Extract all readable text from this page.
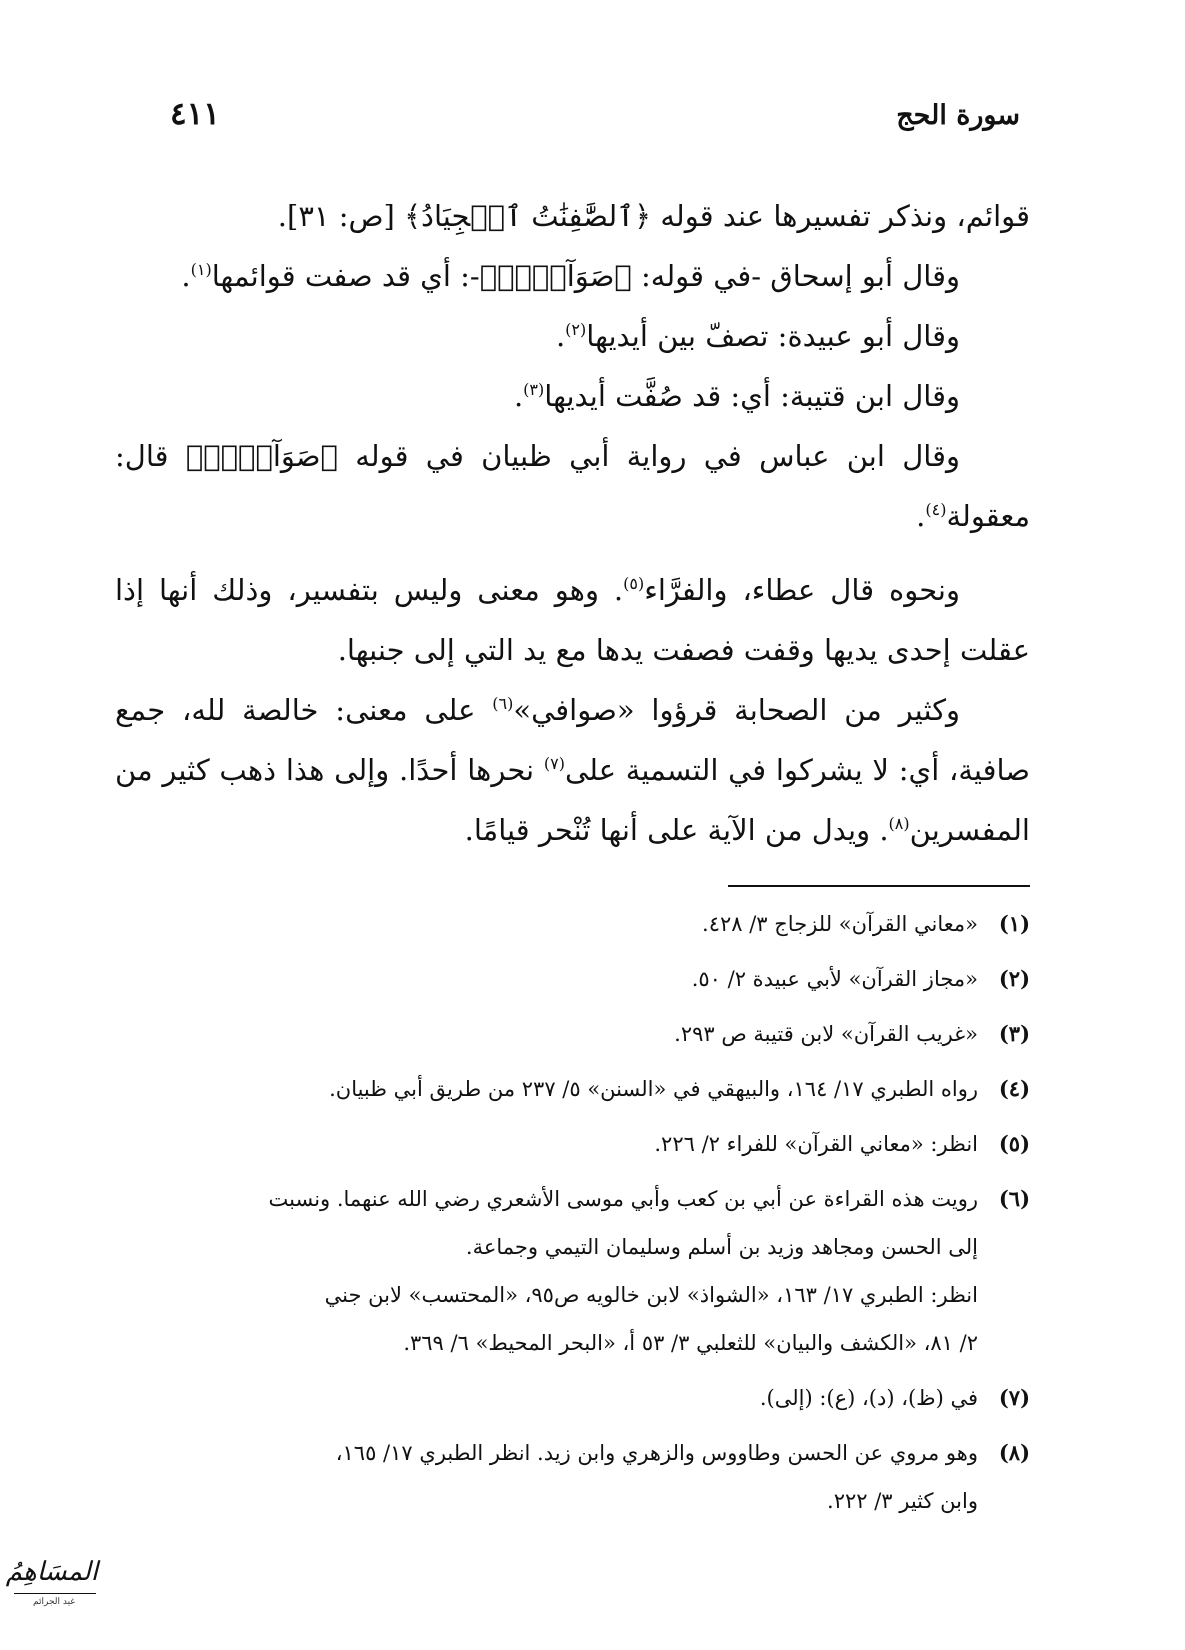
سورة الحج
٤١١

قوائم، ونذكر تفسيرها عند قوله ﴿ٱلصَّٰفِنَٰتُ ٱلۡجِيَادُ﴾ [ص: ٣١].

وقال أبو إسحاق -في قوله: ﴿صَوَآفَّۖ﴾-: أي قد صفت قوائمها$^{(١)}$.

وقال أبو عبيدة: تصفّ بين أيديها$^{(٢)}$.

وقال ابن قتيبة: أي: قد صُفَّت أيديها$^{(٣)}$.

وقال ابن عباس في رواية أبي ظبيان في قوله ﴿صَوَآفَّۖ﴾ قال: معقولة$^{(٤)}$.

ونحوه قال عطاء، والفرَّاء$^{(٥)}$. وهو معنى وليس بتفسير، وذلك أنها إذا عقلت إحدى يديها وقفت فصفت يدها مع يد التي إلى جنبها.

وكثير من الصحابة قرؤوا «صوافي»$^{(٦)}$ على معنى: خالصة لله، جمع صافية، أي: لا يشركوا في التسمية على$^{(٧)}$ نحرها أحدًا. وإلى هذا ذهب كثير من المفسرين$^{(٨)}$. ويدل من الآية على أنها تُنْحر قيامًا.

(١)
«معاني القرآن» للزجاج ٣/ ٤٢٨.
(٢)
«مجاز القرآن» لأبي عبيدة ٢/ ٥٠.
(٣)
«غريب القرآن» لابن قتيبة ص ٢٩٣.
(٤)
رواه الطبري ١٧/ ١٦٤، والبيهقي في «السنن» ٥/ ٢٣٧ من طريق أبي ظبيان.
(٥)
انظر: «معاني القرآن» للفراء ٢/ ٢٢٦.
(٦)
رويت هذه القراءة عن أبي بن كعب وأبي موسى الأشعري رضي الله عنهما. ونسبت
إلى الحسن ومجاهد وزيد بن أسلم وسليمان التيمي وجماعة.
انظر: الطبري ١٧/ ١٦٣، «الشواذ» لابن خالويه ص٩٥، «المحتسب» لابن جني
٢/ ٨١، «الكشف والبيان» للثعلبي ٣/ ٥٣ أ، «البحر المحيط» ٦/ ٣٦٩.
(٧)
في (ظ)، (د)، (ع): (إلى).
(٨)
وهو مروي عن الحسن وطاووس والزهري وابن زيد. انظر الطبري ١٧/ ١٦٥،
وابن كثير ٣/ ٢٢٢.
المسَاهِمُ
غيد الجرائم
